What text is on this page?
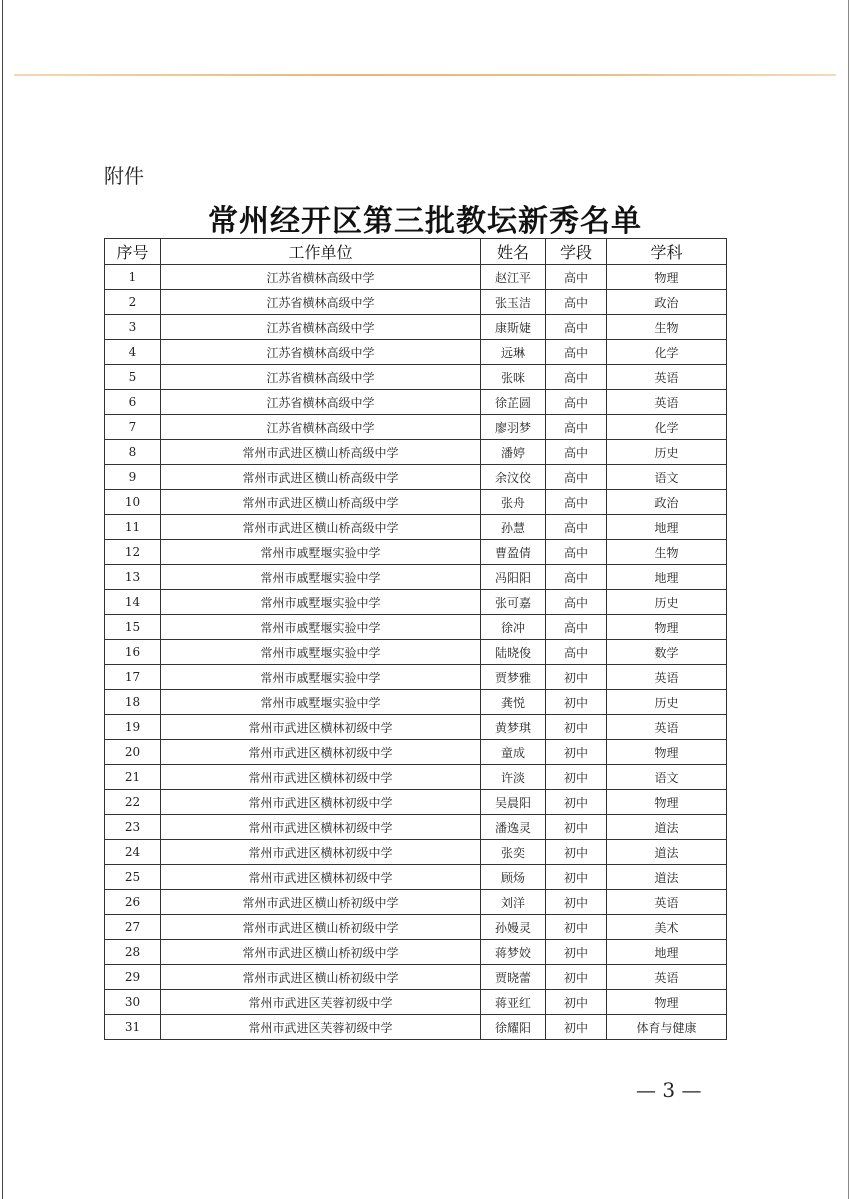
附件
常州经开区第三批教坛新秀名单
序号	工作单位	姓名	学段	学科
1	江苏省横林高级中学	赵江平	高中	物理
2	江苏省横林高级中学	张玉洁	高中	政治
3	江苏省横林高级中学	康斯婕	高中	生物
4	江苏省横林高级中学	远琳	高中	化学
5	江苏省横林高级中学	张咪	高中	英语
6	江苏省横林高级中学	徐芷圆	高中	英语
7	江苏省横林高级中学	廖羽梦	高中	化学
8	常州市武进区横山桥高级中学	潘婷	高中	历史
9	常州市武进区横山桥高级中学	余汶佼	高中	语文
10	常州市武进区横山桥高级中学	张舟	高中	政治
11	常州市武进区横山桥高级中学	孙慧	高中	地理
12	常州市戚墅堰实验中学	曹盈倩	高中	生物
13	常州市戚墅堰实验中学	冯阳阳	高中	地理
14	常州市戚墅堰实验中学	张可嘉	高中	历史
15	常州市戚墅堰实验中学	徐冲	高中	物理
16	常州市戚墅堰实验中学	陆晓俊	高中	数学
17	常州市戚墅堰实验中学	贾梦雅	初中	英语
18	常州市戚墅堰实验中学	龚悦	初中	历史
19	常州市武进区横林初级中学	黄梦琪	初中	英语
20	常州市武进区横林初级中学	童成	初中	物理
21	常州市武进区横林初级中学	许淡	初中	语文
22	常州市武进区横林初级中学	吴晨阳	初中	物理
23	常州市武进区横林初级中学	潘逸灵	初中	道法
24	常州市武进区横林初级中学	张奕	初中	道法
25	常州市武进区横林初级中学	顾炀	初中	道法
26	常州市武进区横山桥初级中学	刘洋	初中	英语
27	常州市武进区横山桥初级中学	孙嫚灵	初中	美术
28	常州市武进区横山桥初级中学	蒋梦姣	初中	地理
29	常州市武进区横山桥初级中学	贾晓蕾	初中	英语
30	常州市武进区芙蓉初级中学	蒋亚红	初中	物理
31	常州市武进区芙蓉初级中学	徐耀阳	初中	体育与健康
— 3 —
